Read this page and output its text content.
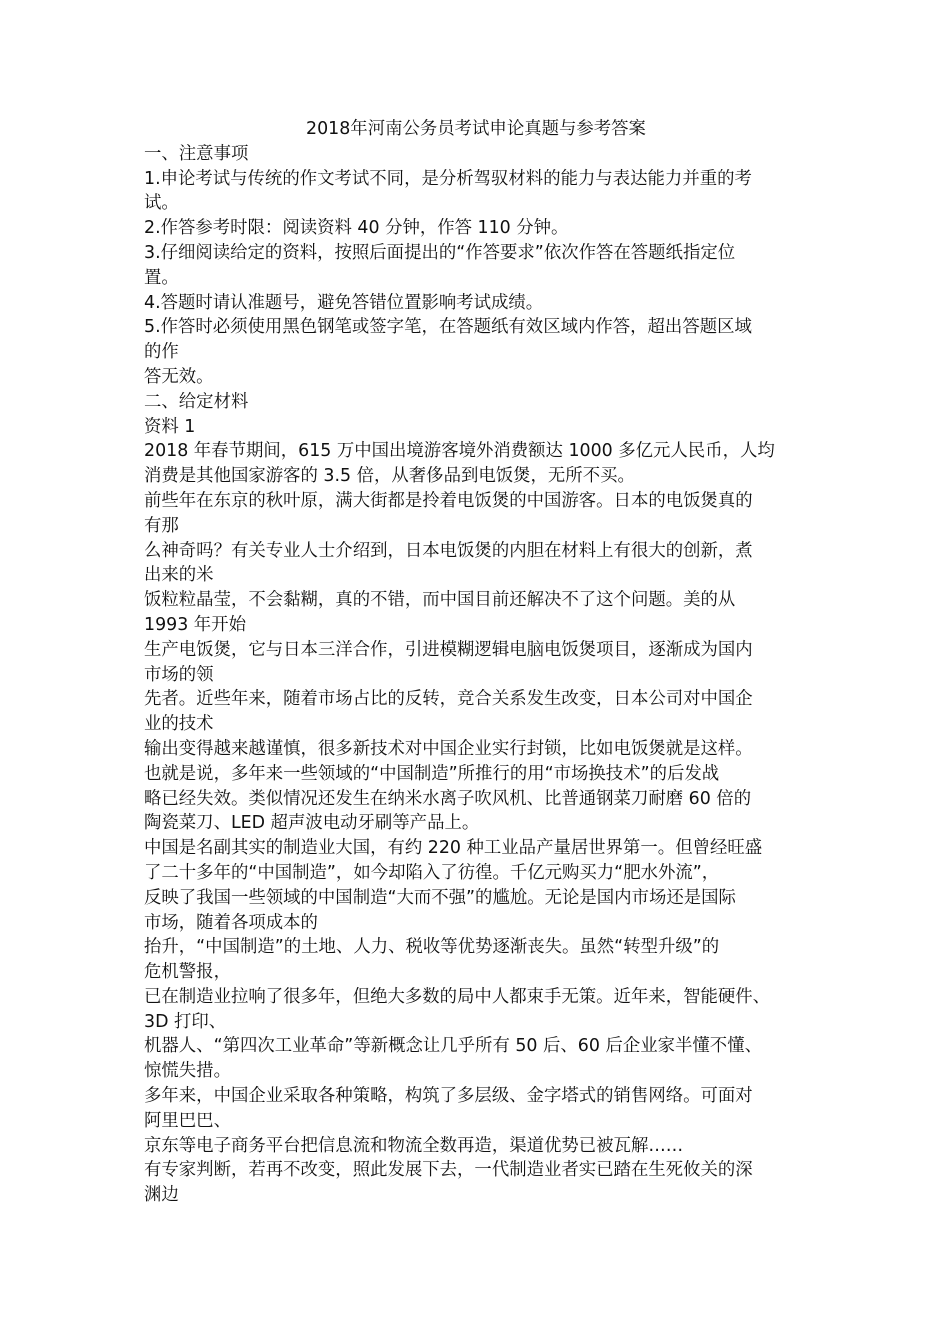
2018年河南公务员考试申论真题与参考答案

一、注意事项

1.申论考试与传统的作文考试不同，是分析驾驭材料的能力与表达能力并重的考

试。

2.作答参考时限：阅读资料 40 分钟，作答 110 分钟。

3.仔细阅读给定的资料，按照后面提出的“作答要求”依次作答在答题纸指定位

置。

4.答题时请认准题号，避免答错位置影响考试成绩。

5.作答时必须使用黑色钢笔或签字笔，在答题纸有效区域内作答，超出答题区域

的作

答无效。

二、给定材料

资料 1

2018 年春节期间，615 万中国出境游客境外消费额达 1000 多亿元人民币，人均

消费是其他国家游客的 3.5 倍，从奢侈品到电饭煲，无所不买。

前些年在东京的秋叶原，满大街都是拎着电饭煲的中国游客。日本的电饭煲真的

有那

么神奇吗？有关专业人士介绍到，日本电饭煲的内胆在材料上有很大的创新，煮

出来的米

饭粒粒晶莹，不会黏糊，真的不错，而中国目前还解决不了这个问题。美的从

1993 年开始

生产电饭煲，它与日本三洋合作，引进模糊逻辑电脑电饭煲项目，逐渐成为国内

市场的领

先者。近些年来，随着市场占比的反转，竞合关系发生改变，日本公司对中国企

业的技术

输出变得越来越谨慎，很多新技术对中国企业实行封锁，比如电饭煲就是这样。

也就是说，多年来一些领域的“中国制造”所推行的用“市场换技术”的后发战

略已经失效。类似情况还发生在纳米水离子吹风机、比普通钢菜刀耐磨 60 倍的

陶瓷菜刀、LED 超声波电动牙刷等产品上。

中国是名副其实的制造业大国，有约 220 种工业品产量居世界第一。但曾经旺盛

了二十多年的“中国制造”，如今却陷入了彷徨。千亿元购买力“肥水外流”，

反映了我国一些领域的中国制造“大而不强”的尴尬。无论是国内市场还是国际

市场，随着各项成本的

抬升，“中国制造”的土地、人力、税收等优势逐渐丧失。虽然“转型升级”的

危机警报，

已在制造业拉响了很多年，但绝大多数的局中人都束手无策。近年来，智能硬件、

3D 打印、

机器人、“第四次工业革命”等新概念让几乎所有 50 后、60 后企业家半懂不懂、

惊慌失措。

多年来，中国企业采取各种策略，构筑了多层级、金字塔式的销售网络。可面对

阿里巴巴、

京东等电子商务平台把信息流和物流全数再造，渠道优势已被瓦解……

有专家判断，若再不改变，照此发展下去，一代制造业者实已踏在生死攸关的深

渊边
